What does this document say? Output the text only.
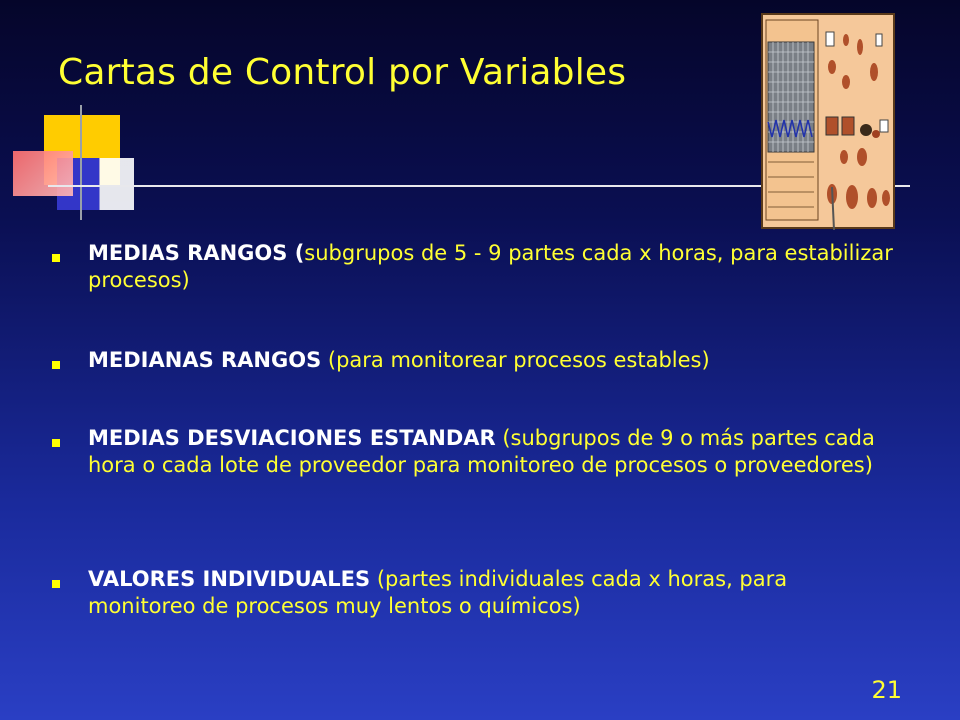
Cartas de Control por Variables
MEDIAS RANGOS (subgrupos de 5 - 9 partes cada x horas, para estabilizar procesos)
MEDIANAS RANGOS (para monitorear procesos estables)
MEDIAS DESVIACIONES ESTANDAR (subgrupos de 9 o más partes cada hora o cada lote de proveedor para monitoreo de procesos o proveedores)
VALORES INDIVIDUALES (partes individuales cada x horas, para monitoreo de procesos muy lentos o químicos)
21
